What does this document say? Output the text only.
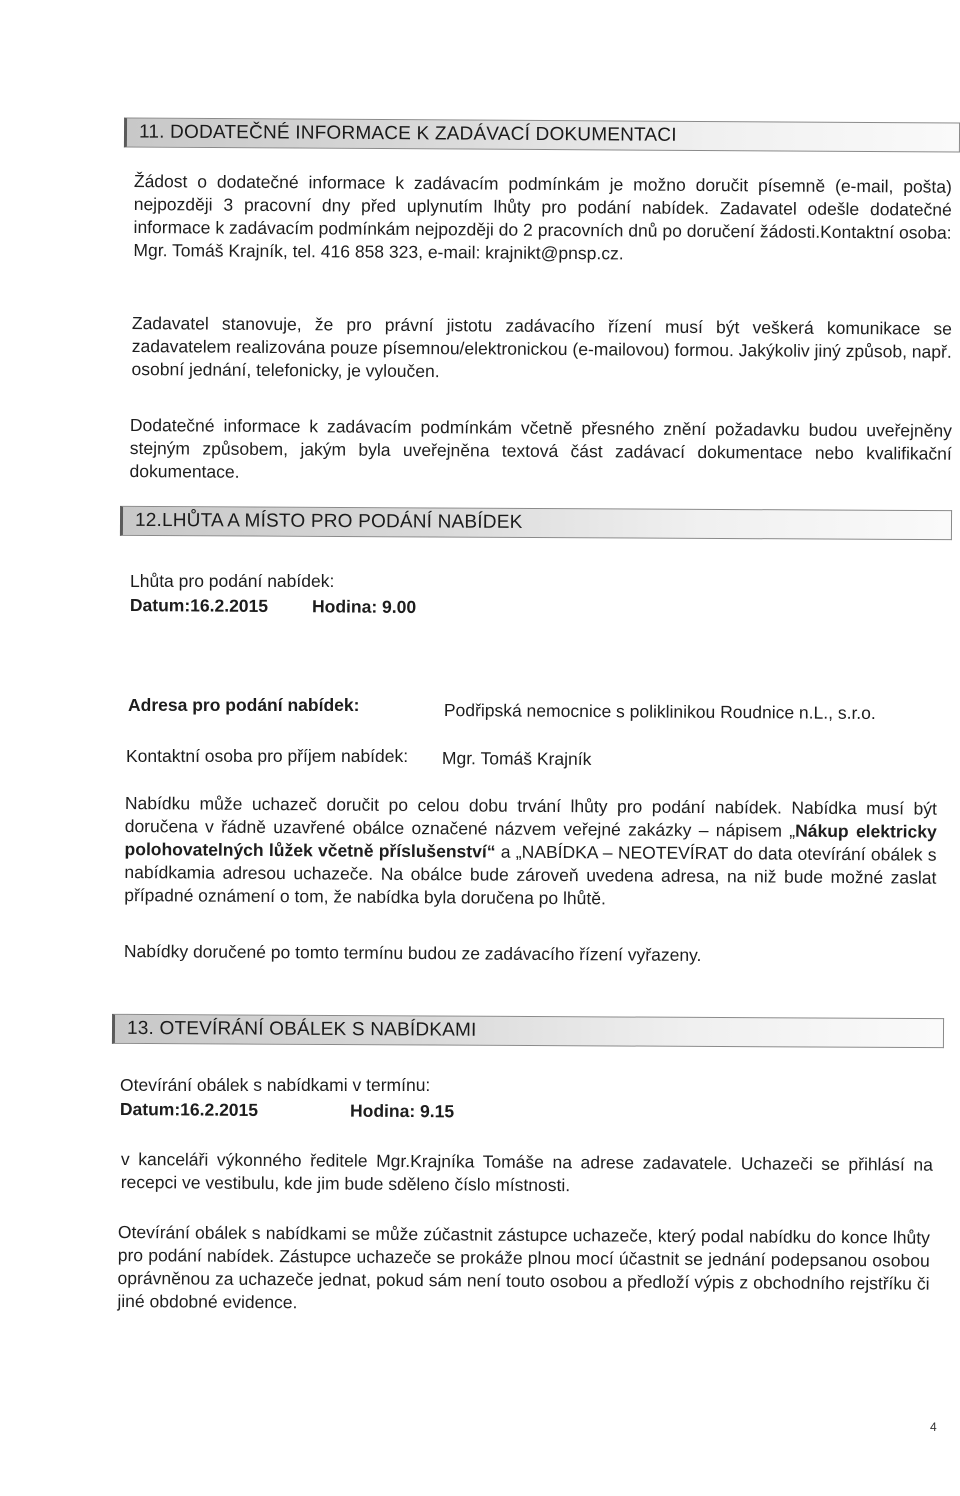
11. DODATEČNÉ INFORMACE K ZADÁVACÍ DOKUMENTACI
Žádost o dodatečné informace k zadávacím podmínkám je možno doručit písemně (e-mail, pošta) nejpozději 3 pracovní dny před uplynutím lhůty pro podání nabídek. Zadavatel odešle dodatečné informace k zadávacím podmínkám nejpozději do 2 pracovních dnů po doručení žádosti.Kontaktní osoba: Mgr. Tomáš Krajník, tel. 416 858 323, e-mail: krajnikt@pnsp.cz.
Zadavatel stanovuje, že pro právní jistotu zadávacího řízení musí být veškerá komunikace se zadavatelem realizována pouze písemnou/elektronickou (e-mailovou) formou. Jakýkoliv jiný způsob, např. osobní jednání, telefonicky, je vyloučen.
Dodatečné informace k zadávacím podmínkám včetně přesného znění požadavku budou uveřejněny stejným způsobem, jakým byla uveřejněna textová část zadávací dokumentace nebo kvalifikační dokumentace.
12.LHŮTA A MÍSTO PRO PODÁNÍ NABÍDEK
Lhůta pro podání nabídek:
Datum:16.2.2015	Hodina: 9.00
Adresa pro podání nabídek:	Podřipská nemocnice s poliklinikou Roudnice n.L., s.r.o.
Kontaktní osoba pro příjem nabídek: Mgr. Tomáš Krajník
Nabídku může uchazeč doručit po celou dobu trvání lhůty pro podání nabídek. Nabídka musí být doručena v řádně uzavřené obálce označené názvem veřejné zakázky – nápisem „Nákup elektricky polohovatelných lůžek včetně příslušenství“ a „NABÍDKA – NEOTEVÍRAT do data otevírání obálek s nabídkamia adresou uchazeče. Na obálce bude zároveň uvedena adresa, na niž bude možné zaslat případné oznámení o tom, že nabídka byla doručena po lhůtě.
Nabídky doručené po tomto termínu budou ze zadávacího řízení vyřazeny.
13. OTEVÍRÁNÍ OBÁLEK S NABÍDKAMI
Otevírání obálek s nabídkami v termínu:
Datum:16.2.2015	Hodina: 9.15
v kanceláři výkonného ředitele Mgr.Krajníka Tomáše na adrese zadavatele. Uchazeči se přihlásí na recepci ve vestibulu, kde jim bude sděleno číslo místnosti.
Otevírání obálek s nabídkami se může zúčastnit zástupce uchazeče, který podal nabídku do konce lhůty pro podání nabídek. Zástupce uchazeče se prokáže plnou mocí účastnit se jednání podepsanou osobou oprávněnou za uchazeče jednat, pokud sám není touto osobou a předloží výpis z obchodního rejstříku či jiné obdobné evidence.
4
